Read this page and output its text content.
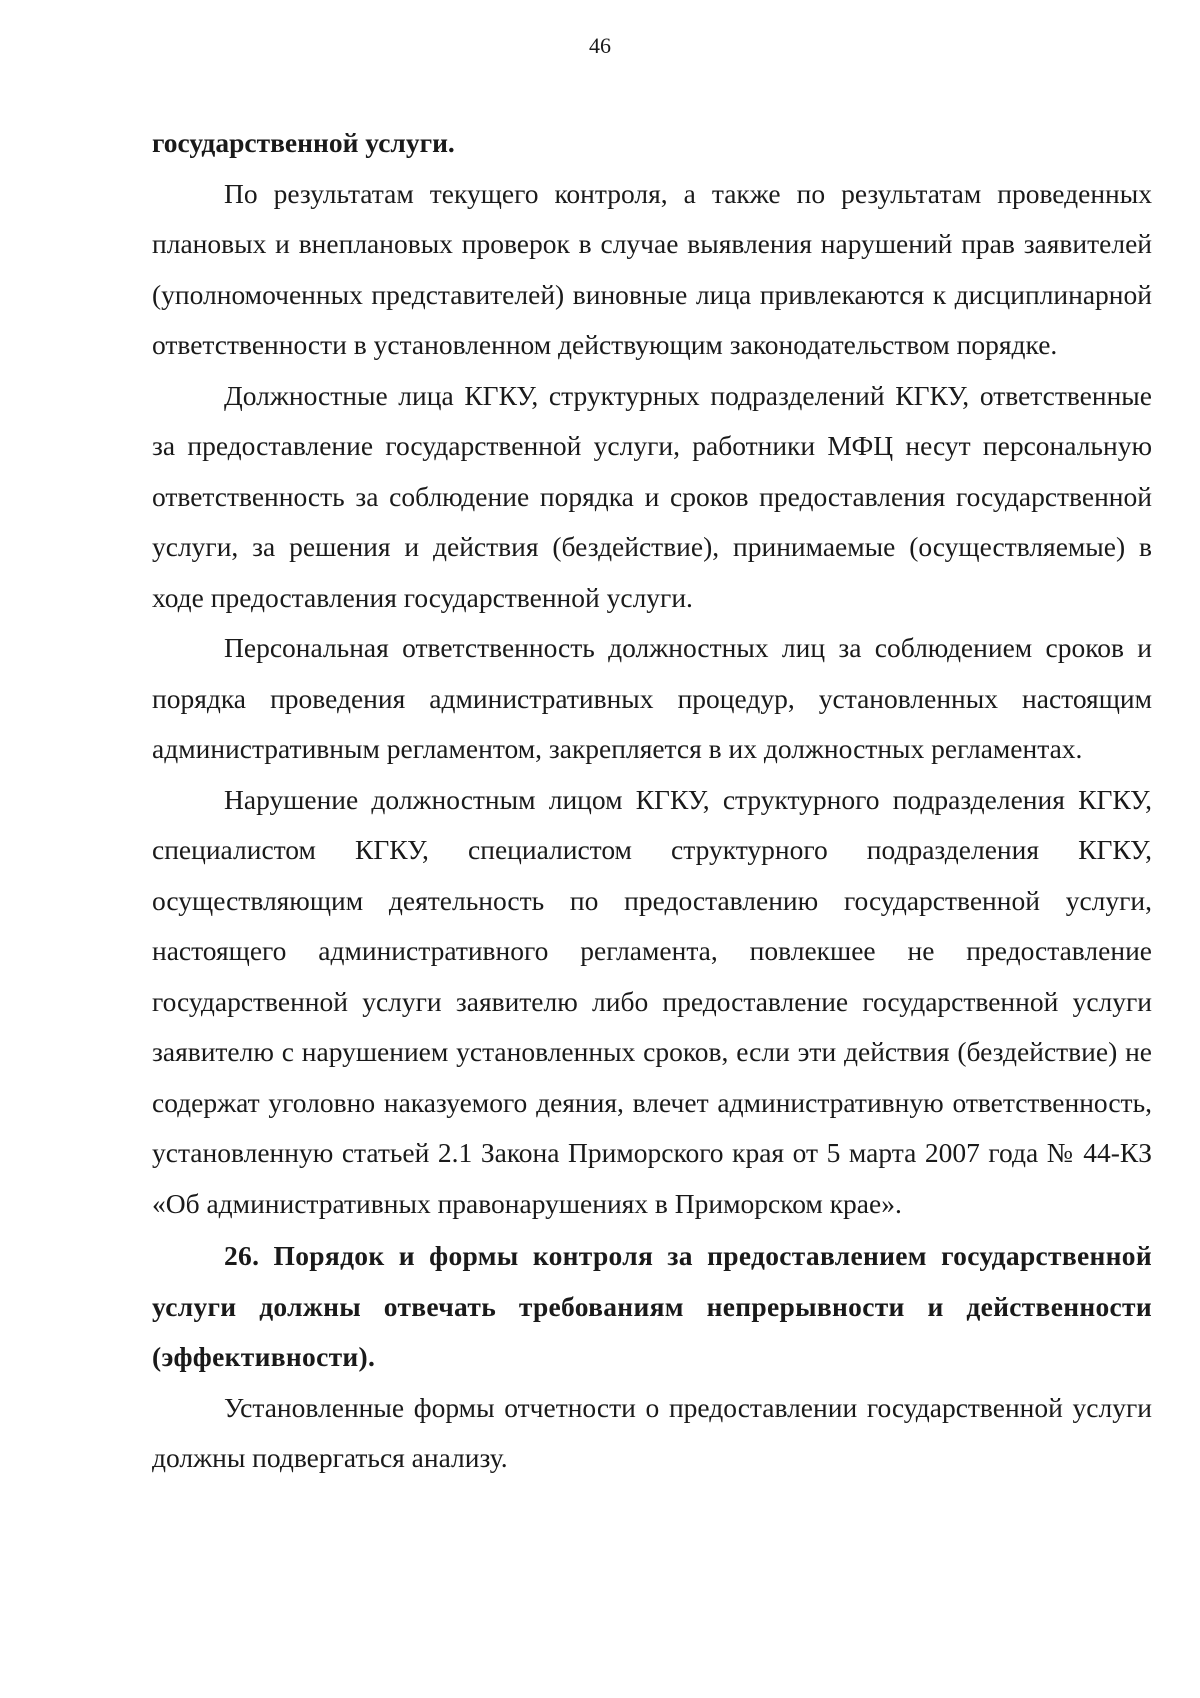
46

государственной услуги.

По результатам текущего контроля, а также по результатам проведенных плановых и внеплановых проверок в случае выявления нарушений прав заявителей (уполномоченных представителей) виновные лица привлекаются к дисциплинарной ответственности в установленном действующим законодательством порядке.

Должностные лица КГКУ, структурных подразделений КГКУ, ответственные за предоставление государственной услуги, работники МФЦ несут персональную ответственность за соблюдение порядка и сроков предоставления государственной услуги, за решения и действия (бездействие), принимаемые (осуществляемые) в ходе предоставления государственной услуги.

Персональная ответственность должностных лиц за соблюдением сроков и порядка проведения административных процедур, установленных настоящим административным регламентом, закрепляется в их должностных регламентах.

Нарушение должностным лицом КГКУ, структурного подразделения КГКУ, специалистом КГКУ, специалистом структурного подразделения КГКУ, осуществляющим деятельность по предоставлению государственной услуги, настоящего административного регламента, повлекшее не предоставление государственной услуги заявителю либо предоставление государственной услуги заявителю с нарушением установленных сроков, если эти действия (бездействие) не содержат уголовно наказуемого деяния, влечет административную ответственность, установленную статьей 2.1 Закона Приморского края от 5 марта 2007 года № 44-КЗ «Об административных правонарушениях в Приморском крае».

26. Порядок и формы контроля за предоставлением государственной услуги должны отвечать требованиям непрерывности и действенности (эффективности).

Установленные формы отчетности о предоставлении государственной услуги должны подвергаться анализу.
